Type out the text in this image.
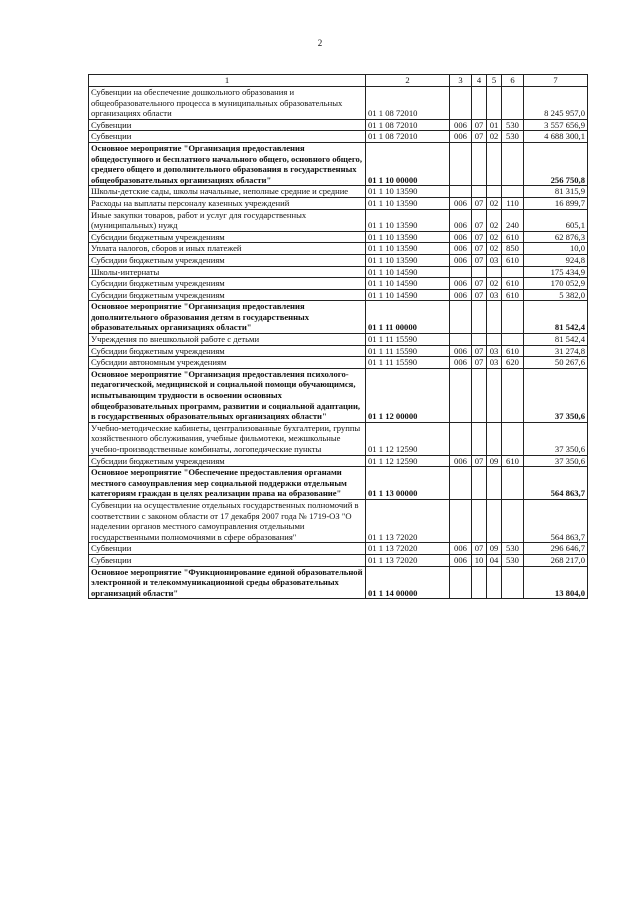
2
1	2	3	4	5	6	7
Субвенции на обеспечение дошкольного образования и общеобразовательного процесса в муниципальных образовательных организациях области	01 1 08 72010					8 245 957,0
Субвенции	01 1 08 72010	006	07	01	530	3 557 656,9
Субвенции	01 1 08 72010	006	07	02	530	4 688 300,1
Основное мероприятие "Организация предоставления общедоступного и бесплатного начального общего, основного общего, среднего общего и дополнительного образования в государственных общеобразовательных организациях области"	01 1 10 00000					256 750,8
Школы-детские сады, школы начальные, неполные средние и средние	01 1 10 13590					81 315,9
Расходы на выплаты персоналу казенных учреждений	01 1 10 13590	006	07	02	110	16 899,7
Иные закупки товаров, работ и услуг для государственных (муниципальных) нужд	01 1 10 13590	006	07	02	240	605,1
Субсидии бюджетным учреждениям	01 1 10 13590	006	07	02	610	62 876,3
Уплата налогов, сборов и иных платежей	01 1 10 13590	006	07	02	850	10,0
Субсидии бюджетным учреждениям	01 1 10 13590	006	07	03	610	924,8
Школы-интернаты	01 1 10 14590					175 434,9
Субсидии бюджетным учреждениям	01 1 10 14590	006	07	02	610	170 052,9
Субсидии бюджетным учреждениям	01 1 10 14590	006	07	03	610	5 382,0
Основное мероприятие "Организация предоставления дополнительного образования детям в государственных образовательных организациях области"	01 1 11 00000					81 542,4
Учреждения по внешкольной работе с детьми	01 1 11 15590					81 542,4
Субсидии бюджетным учреждениям	01 1 11 15590	006	07	03	610	31 274,8
Субсидии автономным учреждениям	01 1 11 15590	006	07	03	620	50 267,6
Основное мероприятие "Организация предоставления психолого-педагогической, медицинской и социальной помощи обучающимся, испытывающим трудности в освоении основных общеобразовательных программ, развитии и социальной адаптации, в государственных образовательных организациях области"	01 1 12 00000					37 350,6
Учебно-методические кабинеты, централизованные бухгалтерии, группы хозяйственного обслуживания, учебные фильмотеки, межшкольные учебно-производственные комбинаты, логопедические пункты	01 1 12 12590					37 350,6
Субсидии бюджетным учреждениям	01 1 12 12590	006	07	09	610	37 350,6
Основное мероприятие "Обеспечение предоставления органами местного самоуправления мер социальной поддержки отдельным категориям граждан в целях реализации права на образование"	01 1 13 00000					564 863,7
Субвенции на осуществление отдельных государственных полномочий в соответствии с законом области от 17 декабря 2007 года № 1719-ОЗ "О наделении органов местного самоуправления отдельными государственными полномочиями в сфере образования"	01 1 13 72020					564 863,7
Субвенции	01 1 13 72020	006	07	09	530	296 646,7
Субвенции	01 1 13 72020	006	10	04	530	268 217,0
Основное мероприятие "Функционирование единой образовательной электронной и телекоммуникационной среды образовательных организаций области"	01 1 14 00000					13 804,0
